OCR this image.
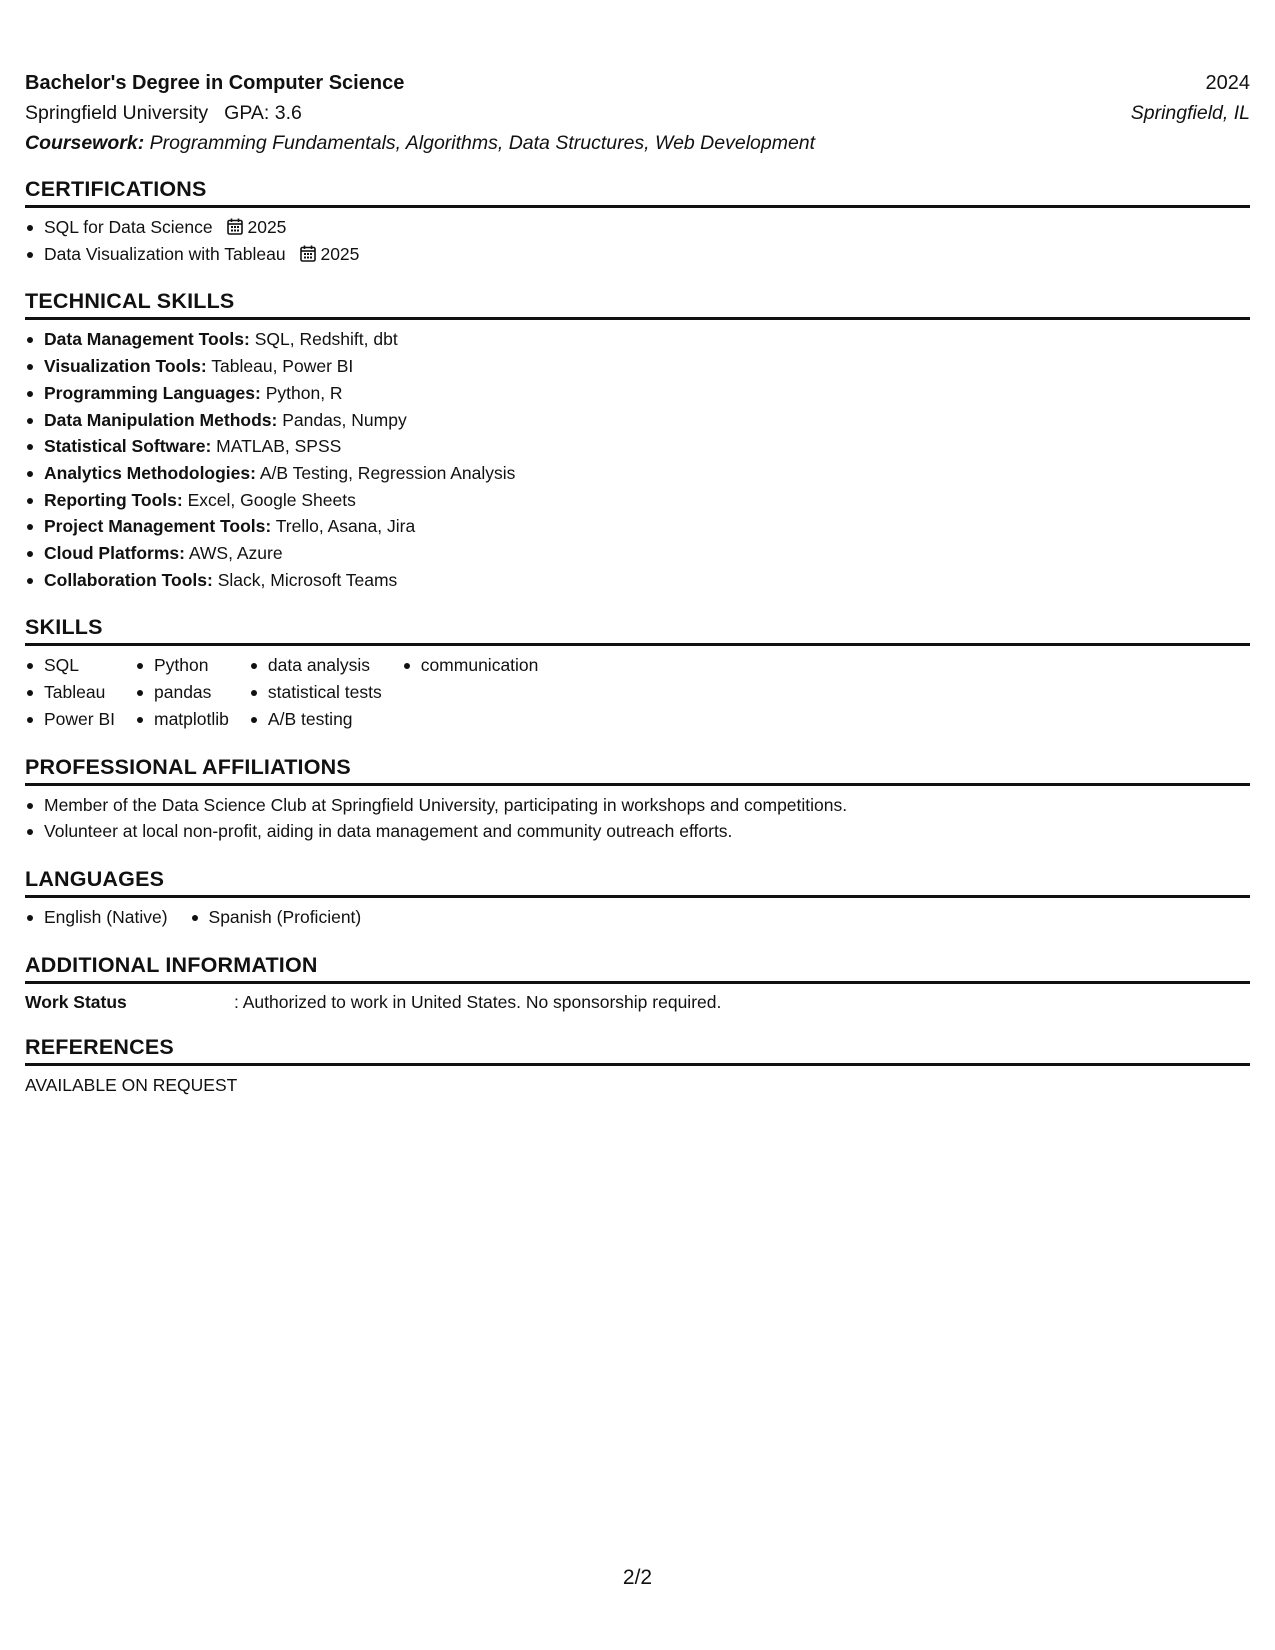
Bachelor's Degree in Computer Science	2024
Springfield University GPA: 3.6	Springfield, IL
Coursework: Programming Fundamentals, Algorithms, Data Structures, Web Development
CERTIFICATIONS
SQL for Data Science 2025
Data Visualization with Tableau 2025
TECHNICAL SKILLS
Data Management Tools: SQL, Redshift, dbt
Visualization Tools: Tableau, Power BI
Programming Languages: Python, R
Data Manipulation Methods: Pandas, Numpy
Statistical Software: MATLAB, SPSS
Analytics Methodologies: A/B Testing, Regression Analysis
Reporting Tools: Excel, Google Sheets
Project Management Tools: Trello, Asana, Jira
Cloud Platforms: AWS, Azure
Collaboration Tools: Slack, Microsoft Teams
SKILLS
SQL
Tableau
Power BI
Python
pandas
matplotlib
data analysis
statistical tests
A/B testing
communication
PROFESSIONAL AFFILIATIONS
Member of the Data Science Club at Springfield University, participating in workshops and competitions.
Volunteer at local non-profit, aiding in data management and community outreach efforts.
LANGUAGES
English (Native)	Spanish (Proficient)
ADDITIONAL INFORMATION
Work Status	: Authorized to work in United States. No sponsorship required.
REFERENCES
AVAILABLE ON REQUEST
2/2
